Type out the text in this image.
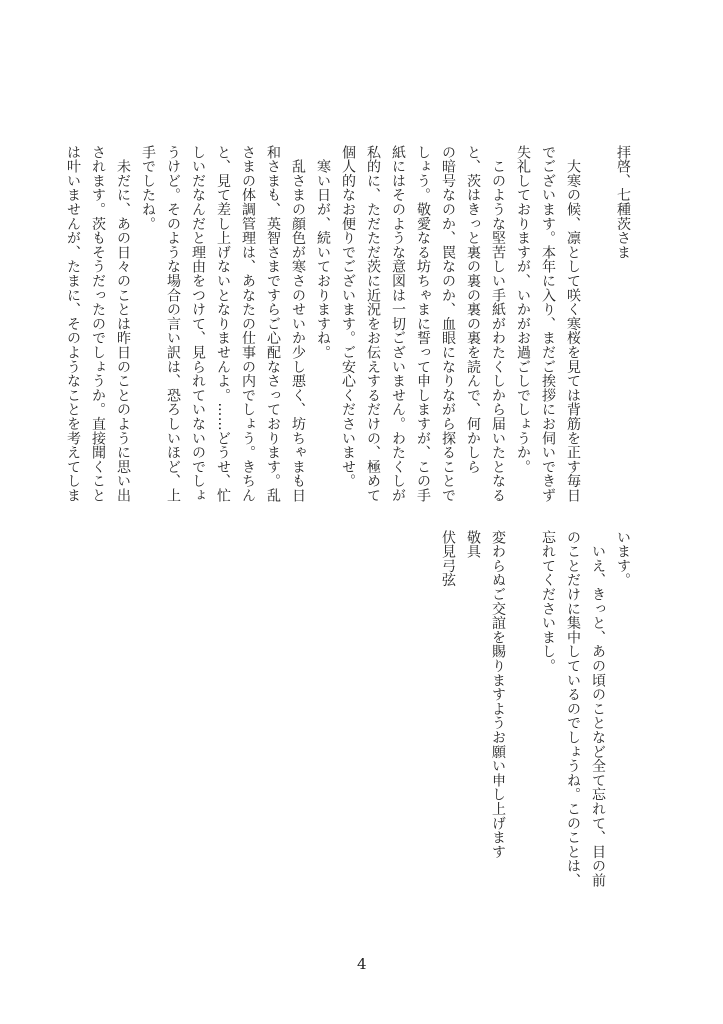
拝啓、七種茨さま
　大寒の候、凛として咲く寒桜を見ては背筋を正す毎日
でございます。本年に入り、まだご挨拶にお伺いできず
失礼しておりますが、いかがお過ごしでしょうか。
　このような堅苦しい手紙がわたくしから届いたとなる
と、茨はきっと裏の裏の裏の裏を読んで、何かしら
の暗号なのか、罠なのか、血眼になりながら探ることで
しょう。敬愛なる坊ちゃまに誓って申しますが、この手
紙にはそのような意図は一切ございません。わたくしが
私的に、ただただ茨に近況をお伝えするだけの、極めて
個人的なお便りでございます。ご安心くださいませ。
　寒い日が、続いておりますね。
　乱さまの顔色が寒さのせいか少し悪く、坊ちゃまも日
和さまも、英智さまですらご心配なさっております。乱
さまの体調管理は、あなたの仕事の内でしょう。きちん
と、見て差し上げないとなりませんよ。……どうせ、忙
しいだなんだと理由をつけて、見られていないのでしょ
うけど。そのような場合の言い訳は、恐ろしいほど、上
手でしたね。
　未だに、あの日々のことは昨日のことのように思い出
されます。茨もそうだったのでしょうか。直接聞くこと
は叶いませんが、たまに、そのようなことを考えてしま
います。
　いえ、きっと、あの頃のことなど全て忘れて、目の前
のことだけに集中しているのでしょうね。このことは、
忘れてくださいまし。
変わらぬご交誼を賜りますようお願い申し上げます
敬具
伏見弓弦
4
